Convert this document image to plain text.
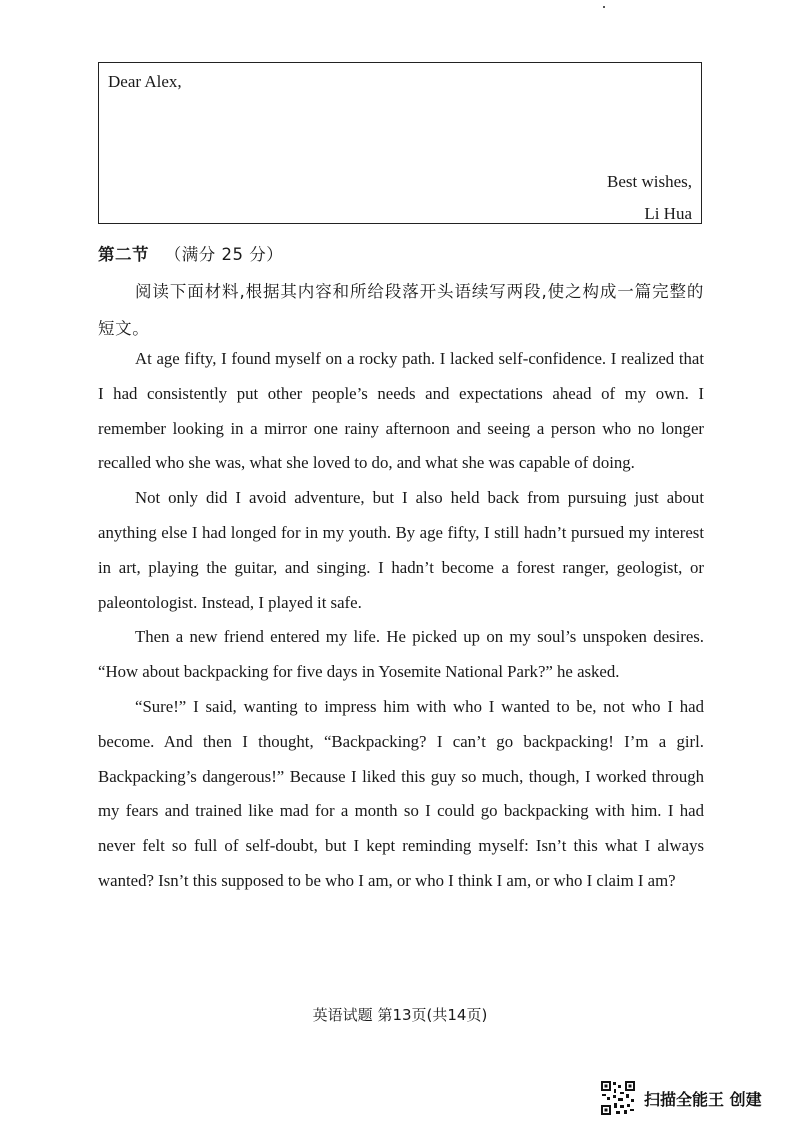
Dear Alex,
Best wishes,
Li Hua
第二节 （满分 25 分）
阅读下面材料,根据其内容和所给段落开头语续写两段,使之构成一篇完整的短文。

At age fifty, I found myself on a rocky path. I lacked self-confidence. I realized that I had consistently put other people’s needs and expectations ahead of my own. I remember looking in a mirror one rainy afternoon and seeing a person who no longer recalled who she was, what she loved to do, and what she was capable of doing.

Not only did I avoid adventure, but I also held back from pursuing just about anything else I had longed for in my youth. By age fifty, I still hadn’t pursued my interest in art, playing the guitar, and singing. I hadn’t become a forest ranger, geologist, or paleontologist. Instead, I played it safe.

Then a new friend entered my life. He picked up on my soul’s unspoken desires. “How about backpacking for five days in Yosemite National Park?” he asked.

“Sure!” I said, wanting to impress him with who I wanted to be, not who I had become. And then I thought, “Backpacking? I can’t go backpacking! I’m a girl. Backpacking’s dangerous!” Because I liked this guy so much, though, I worked through my fears and trained like mad for a month so I could go backpacking with him. I had never felt so full of self-doubt, but I kept reminding myself: Isn’t this what I always wanted? Isn’t this supposed to be who I am, or who I think I am, or who I claim I am?

英语试题 第13页(共14页)
扫描全能王 创建
